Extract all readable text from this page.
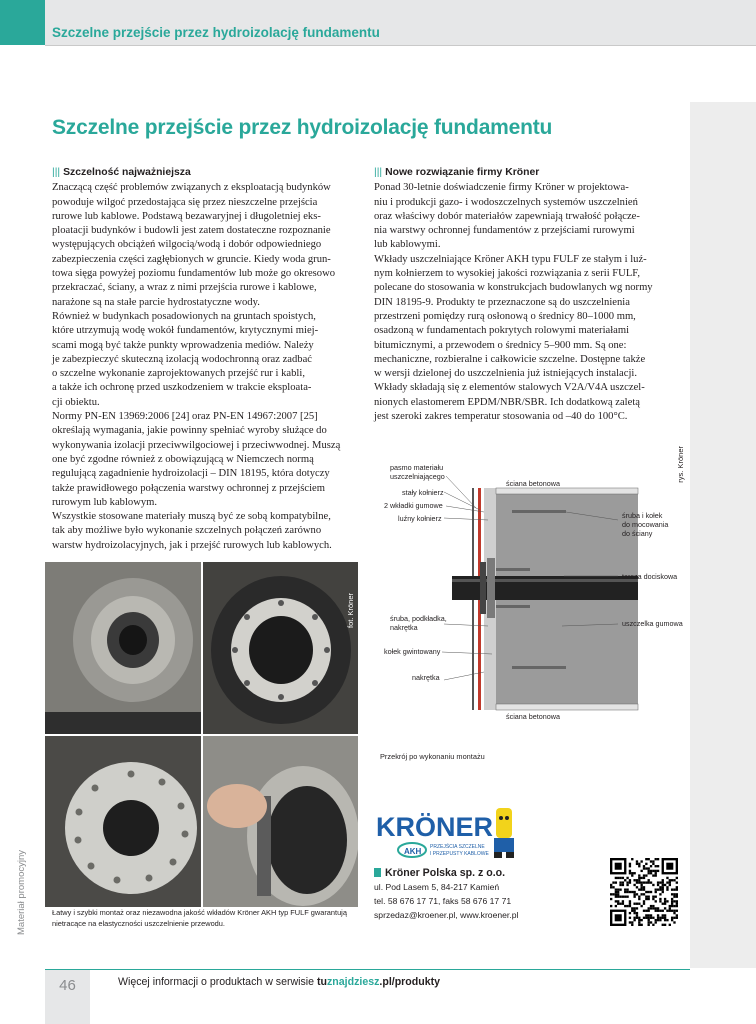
Szczelne przejście przez hydroizolację fundamentu
Szczelne przejście przez hydroizolację fundamentu
||| Szczelność najważniejsza

Znaczącą część problemów związanych z eksploatacją budynków
powoduje wilgoć przedostająca się przez nieszczelne przejścia
rurowe lub kablowe. Podstawą bezawaryjnej i długoletniej eks-
ploatacji budynków i budowli jest zatem dostateczne rozpoznanie
występujących obciążeń wilgocią/wodą i dobór odpowiedniego
zabezpieczenia części zagłębionych w gruncie. Kiedy woda grun-
towa sięga powyżej poziomu fundamentów lub może go okresowo
przekraczać, ściany, a wraz z nimi przejścia rurowe i kablowe,
narażone są na stałe parcie hydrostatyczne wody.

Również w budynkach posadowionych na gruntach spoistych,
które utrzymują wodę wokół fundamentów, krytycznymi miej-
scami mogą być także punkty wprowadzenia mediów. Należy
je zabezpieczyć skuteczną izolacją wodochronną oraz zadbać
o szczelne wykonanie zaprojektowanych przejść rur i kabli,
a także ich ochronę przed uszkodzeniem w trakcie eksploata-
cji obiektu.

Normy PN-EN 13969:2006 [24] oraz PN-EN 14967:2007 [25]
określają wymagania, jakie powinny spełniać wyroby służące do
wykonywania izolacji przeciwwilgociowej i przeciwwodnej. Muszą
one być zgodne również z obowiązującą w Niemczech normą
regulującą zagadnienie hydroizolacji – DIN 18195, która dotyczy
także prawidłowego połączenia warstwy ochronnej z przejściem
rurowym lub kablowym.

Wszystkie stosowane materiały muszą być ze sobą kompatybilne,
tak aby możliwe było wykonanie szczelnych połączeń zarówno
warstw hydroizolacyjnych, jak i przejść rurowych lub kablowych.

||| Nowe rozwiązanie firmy Kröner

Ponad 30-letnie doświadczenie firmy Kröner w projektowa-
niu i produkcji gazo- i wodoszczelnych systemów uszczelnień
oraz właściwy dobór materiałów zapewniają trwałość połącze-
nia warstwy ochronnej fundamentów z przejściami rurowymi
lub kablowymi.

Wkłady uszczelniające Kröner AKH typu FULF ze stałym i luź-
nym kołnierzem to wysokiej jakości rozwiązania z serii FULF,
polecane do stosowania w konstrukcjach budowlanych wg normy
DIN 18195-9. Produkty te przeznaczone są do uszczelnienia
przestrzeni pomiędzy rurą osłonową o średnicy 80–1000 mm,
osadzoną w fundamentach pokrytych rolowymi materiałami
bitumicznymi, a przewodem o średnicy 5–900 mm. Są one:
mechaniczne, rozbieralne i całkowicie szczelne. Dostępne także
w wersji dzielonej do uszczelnienia już istniejących instalacji.
Wkłady składają się z elementów stalowych V2A/V4A uszczel-
nionych elastomerem EPDM/NBR/SBR. Ich dodatkową zaletą
jest szeroki zakres temperatur stosowania od –40 do 100°C.

fot. Kröner

Łatwy i szybki montaż oraz niezawodna jakość wkładów Kröner AKH typ FULF gwarantują nietracące na elastyczności uszczelnienie przewodu.

Materiał promocyjny
pasmo materiału
uszczelniającego
stały kołnierz
2 wkładki gumowe
luźny kołnierz
ściana betonowa
śruba i kołek
do mocowania
do ściany
tarcza dociskowa
śruba, podkładka,
nakrętka	uszczelka gumowa
kołek gwintowany
nakrętka
ściana betonowa
rys. Kröner
Przekrój po wykonaniu montażu
KRÖNER
AKH PRZEJŚCIA SZCZELNE
I PRZEPUSTY KABLOWE
Kröner Polska sp. z o.o.
ul. Pod Lasem 5, 84-217 Kamień
tel. 58 676 17 71, faks 58 676 17 71
sprzedaz@kroener.pl, www.kroener.pl
46	Więcej informacji o produktach w serwisie tuznajdziesz.pl/produkty
